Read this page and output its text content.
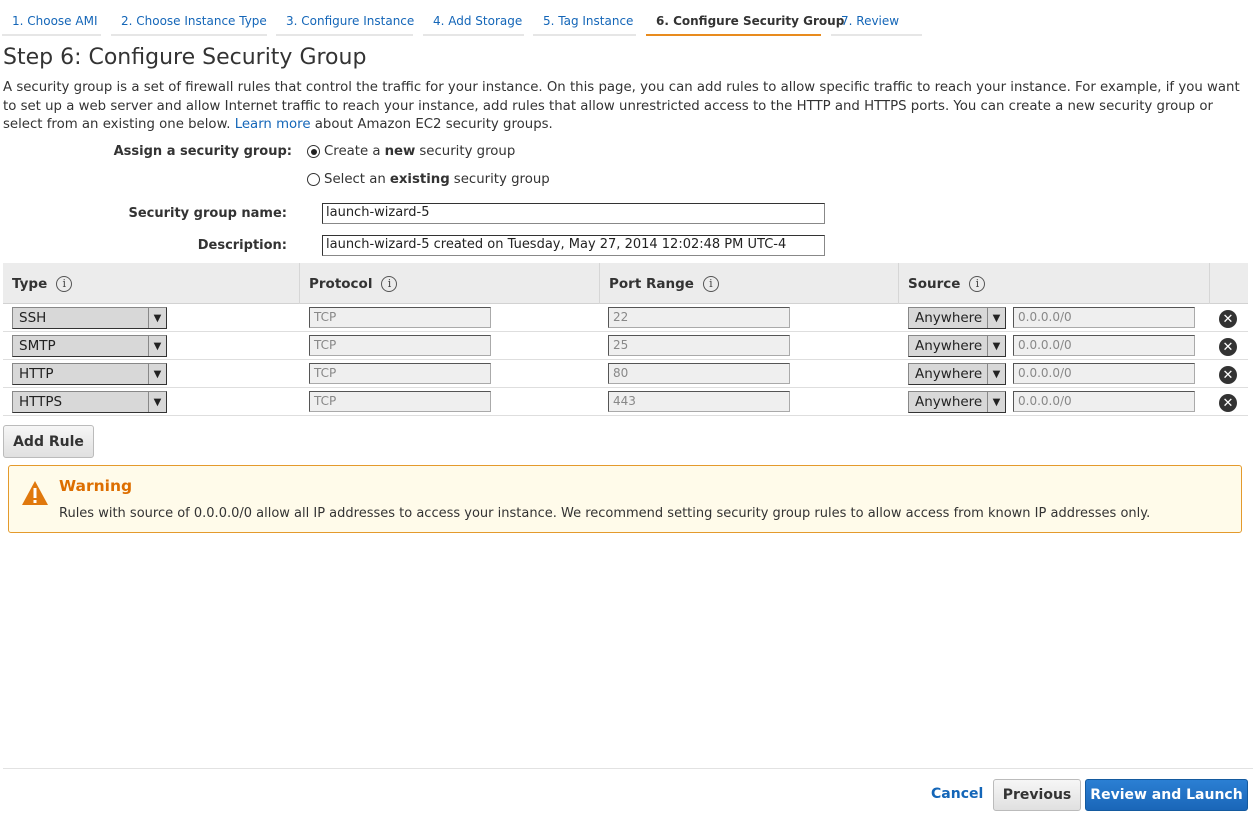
1. Choose AMI	2. Choose Instance Type	3. Configure Instance	4. Add Storage	5. Tag Instance	6. Configure Security Group
7. Review
Step 6: Configure Security Group
A security group is a set of firewall rules that control the traffic for your instance. On this page, you can add rules to allow specific traffic to reach your instance. For example, if you want to set up a web server and allow Internet traffic to reach your instance, add rules that allow unrestricted access to the HTTP and HTTPS ports. You can create a new security group or select from an existing one below. Learn more about Amazon EC2 security groups.
Assign a security group: Create a new security group
Select an existing security group
Security group name:	launch-wizard-5
Description:	launch-wizard-5 created on Tuesday, May 27, 2014 12:02:48 PM UTC-4
Type	i	Protocol	i	Port Range	i	Source	i
SSH	▼	TCP	22	Anywhere	▼	0.0.0.0/0	✕
SMTP	▼	TCP	25	Anywhere	▼	0.0.0.0/0	✕
HTTP	▼	TCP	80	Anywhere	▼	0.0.0.0/0	✕
HTTPS	▼	TCP	443	Anywhere	▼	0.0.0.0/0	✕
Add Rule
Warning
Rules with source of 0.0.0.0/0 allow all IP addresses to access your instance. We recommend setting security group rules to allow access from known IP addresses only.
Cancel	Previous	Review and Launch
